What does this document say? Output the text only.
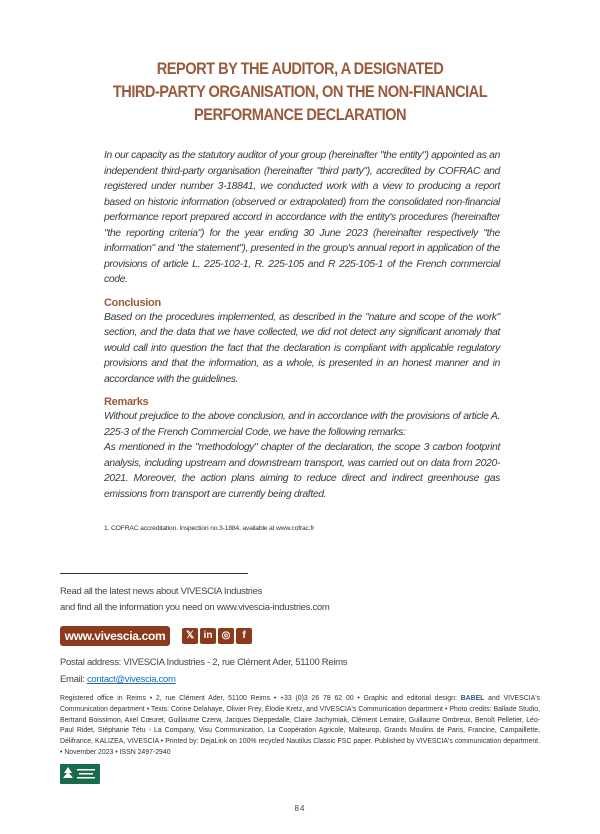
REPORT BY THE AUDITOR, A DESIGNATED
THIRD-PARTY ORGANISATION, ON THE NON-FINANCIAL
PERFORMANCE DECLARATION

In our capacity as the statutory auditor of your group (hereinafter "the entity") appointed as an independent third-party organisation (hereinafter "third party"), accredited by COFRAC and registered under number 3-18841, we conducted work with a view to producing a report based on historic information (observed or extrapolated) from the consolidated non-financial performance report prepared accord in accordance with the entity's procedures (hereinafter "the reporting criteria") for the year ending 30 June 2023 (hereinafter respectively "the information" and "the statement"), presented in the group's annual report in application of the provisions of article L. 225-102-1, R. 225-105 and R 225-105-1 of the French commercial code.

Conclusion

Based on the procedures implemented, as described in the "nature and scope of the work" section, and the data that we have collected, we did not detect any significant anomaly that would call into question the fact that the declaration is compliant with applicable regulatory provisions and that the information, as a whole, is presented in an honest manner and in accordance with the guidelines.

Remarks

Without prejudice to the above conclusion, and in accordance with the provisions of article A. 225-3 of the French Commercial Code, we have the following remarks:

As mentioned in the "methodology" chapter of the declaration, the scope 3 carbon footprint analysis, including upstream and downstream transport, was carried out on data from 2020-2021. Moreover, the action plans aiming to reduce direct and indirect greenhouse gas emissions from transport are currently being drafted.

1. COFRAC accreditation. Inspection no.3-1884, available at www.cofrac.fr
Read all the latest news about VIVESCIA Industries
and find all the information you need on www.vivescia-industries.com
www.vivescia.com	𝕏 in ◎	f
Postal address: VIVESCIA Industries - 2, rue Clément Ader, 51100 Reims
Email: contact@vivescia.com
Registered office in Reims • 2, rue Clément Ader, 51100 Reims • +33 (0)3 26 78 62 00 • Graphic and editorial design: BABEL and VIVESCIA's Communication department • Texts: Corine Delahaye, Olivier Frey, Élodie Kretz, and VIVESCIA's Communication department • Photo credits: Ballade Studio, Bertrand Boissimon, Axel Cœuret, Guillaume Czerw, Jacques Dieppedalle, Claire Jachymiak, Clément Lemaire, Guillaume Ombreux, Benoît Pelletier, Léo-Paul Ridet, Stéphanie Tétu - La Company, Visu Communication, La Coopération Agricole, Malteurop, Grands Moulins de Paris, Francine, Campaillette, Délifrance, KALIZEA, VIVESCIA • Printed by: DejaLink on 100% recycled Nautilus Classic FSC paper. Published by VIVESCIA's communication department. • November 2023 • ISSN 2497-2940
84
